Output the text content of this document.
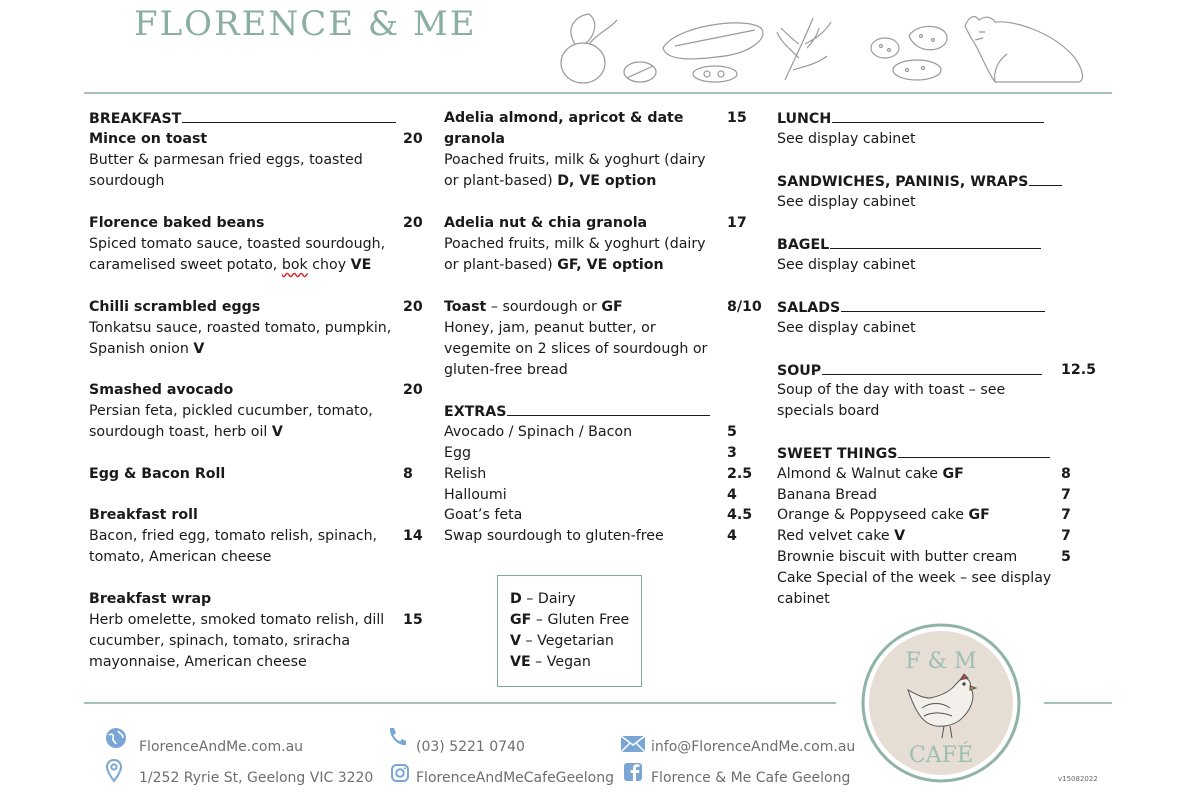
FLORENCE & ME
BREAKFAST
Mince on toast
Butter & parmesan fried eggs, toasted
sourdough
Florence baked beans
Spiced tomato sauce, toasted sourdough,
caramelised sweet potato, bok choy VE
Chilli scrambled eggs
Tonkatsu sauce, roasted tomato, pumpkin,
Spanish onion V
Smashed avocado
Persian feta, pickled cucumber, tomato,
sourdough toast, herb oil V
Egg & Bacon Roll
Breakfast roll
Bacon, fried egg, tomato relish, spinach,
tomato, American cheese
Breakfast wrap
Herb omelette, smoked tomato relish, dill
cucumber, spinach, tomato, sriracha
mayonnaise, American cheese
20
20
20
20
8
14
15
Adelia almond, apricot & date
granola
Poached fruits, milk & yoghurt (dairy
or plant-based) D, VE option
Adelia nut & chia granola
Poached fruits, milk & yoghurt (dairy
or plant-based) GF, VE option
Toast – sourdough or GF
Honey, jam, peanut butter, or
vegemite on 2 slices of sourdough or
gluten-free bread
EXTRAS
Avocado / Spinach / Bacon
Egg
Relish
Halloumi
Goat’s feta
Swap sourdough to gluten-free
15
17
8/10
5
3
2.5
4
4.5
4
D – Dairy
GF – Gluten Free
V – Vegetarian
VE – Vegan
LUNCH
See display cabinet
SANDWICHES, PANINIS, WRAPS
See display cabinet
BAGEL
See display cabinet
SALADS
See display cabinet
SOUP
Soup of the day with toast – see
specials board
SWEET THINGS
Almond & Walnut cake GF
Banana Bread
Orange & Poppyseed cake GF
Red velvet cake V
Brownie biscuit with butter cream
Cake Special of the week – see display
cabinet
12.5
8
7
7
7
5
F & M
CAFÉ
FlorenceAndMe.com.au
1/252 Ryrie St, Geelong VIC 3220
(03) 5221 0740
FlorenceAndMeCafeGeelong
info@FlorenceAndMe.com.au
Florence & Me Cafe Geelong	v15082022
